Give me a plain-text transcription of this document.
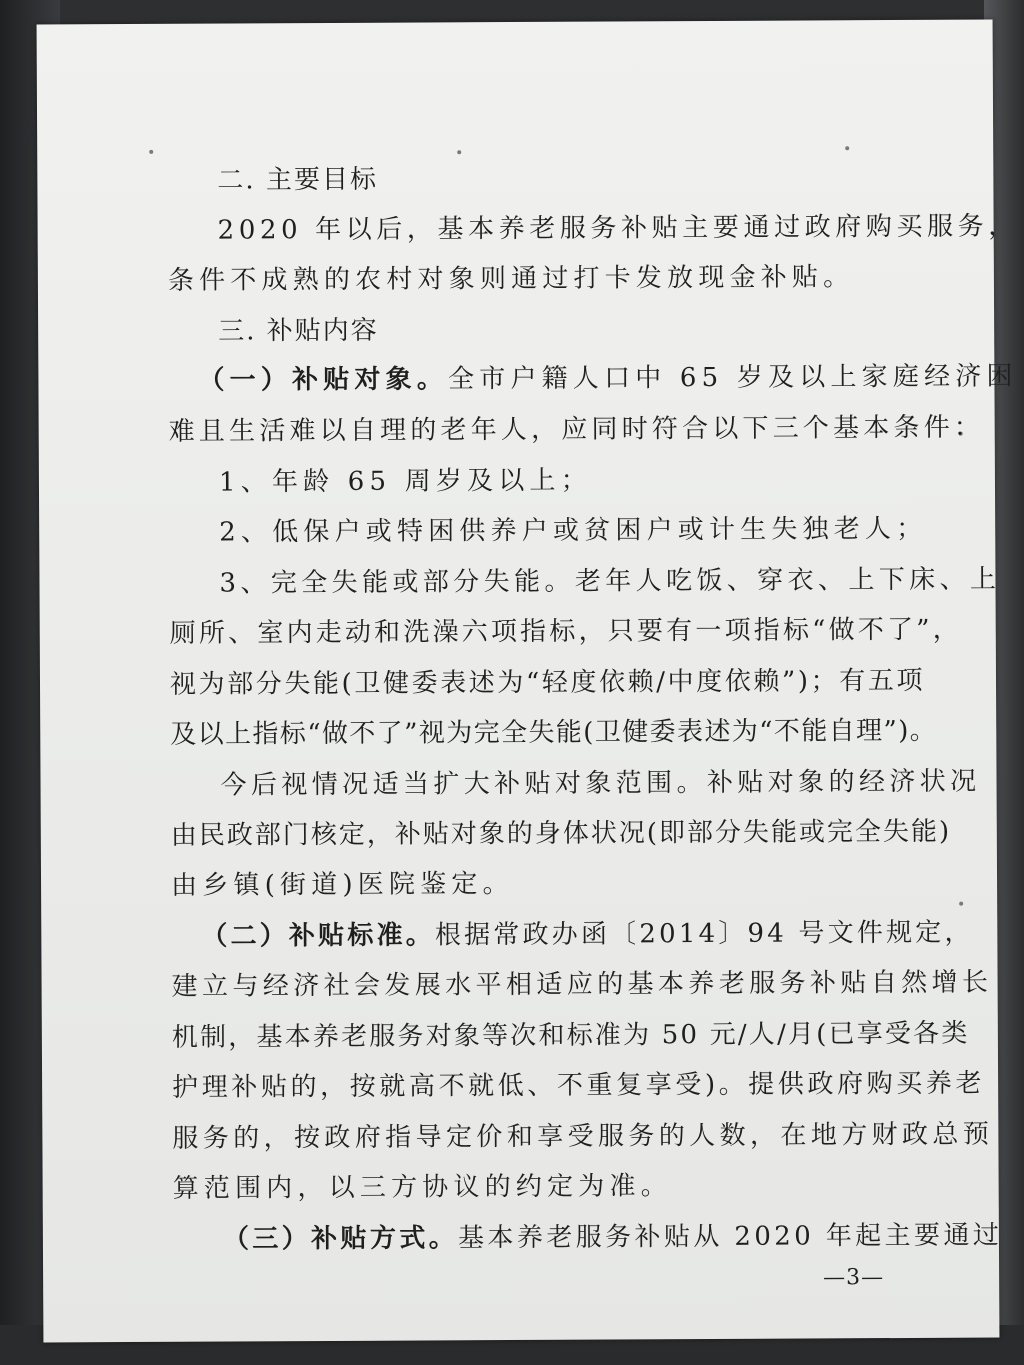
二. 主要目标
2020 年以后，基本养老服务补贴主要通过政府购买服务，
条件不成熟的农村对象则通过打卡发放现金补贴。
三. 补贴内容
（一）补贴对象。全市户籍人口中 65 岁及以上家庭经济困
难且生活难以自理的老年人，应同时符合以下三个基本条件：
1、年龄 65 周岁及以上；
2、低保户或特困供养户或贫困户或计生失独老人；
3、完全失能或部分失能。老年人吃饭、穿衣、上下床、上
厕所、室内走动和洗澡六项指标，只要有一项指标“做不了”，
视为部分失能(卫健委表述为“轻度依赖/中度依赖”)；有五项
及以上指标“做不了”视为完全失能(卫健委表述为“不能自理”)。
今后视情况适当扩大补贴对象范围。补贴对象的经济状况
由民政部门核定，补贴对象的身体状况(即部分失能或完全失能)
由乡镇(街道)医院鉴定。
（二）补贴标准。根据常政办函〔2014〕94 号文件规定，
建立与经济社会发展水平相适应的基本养老服务补贴自然增长
机制，基本养老服务对象等次和标准为 50 元/人/月(已享受各类
护理补贴的，按就高不就低、不重复享受)。提供政府购买养老
服务的，按政府指导定价和享受服务的人数，在地方财政总预
算范围内，以三方协议的约定为准。
（三）补贴方式。基本养老服务补贴从 2020 年起主要通过
—3—
